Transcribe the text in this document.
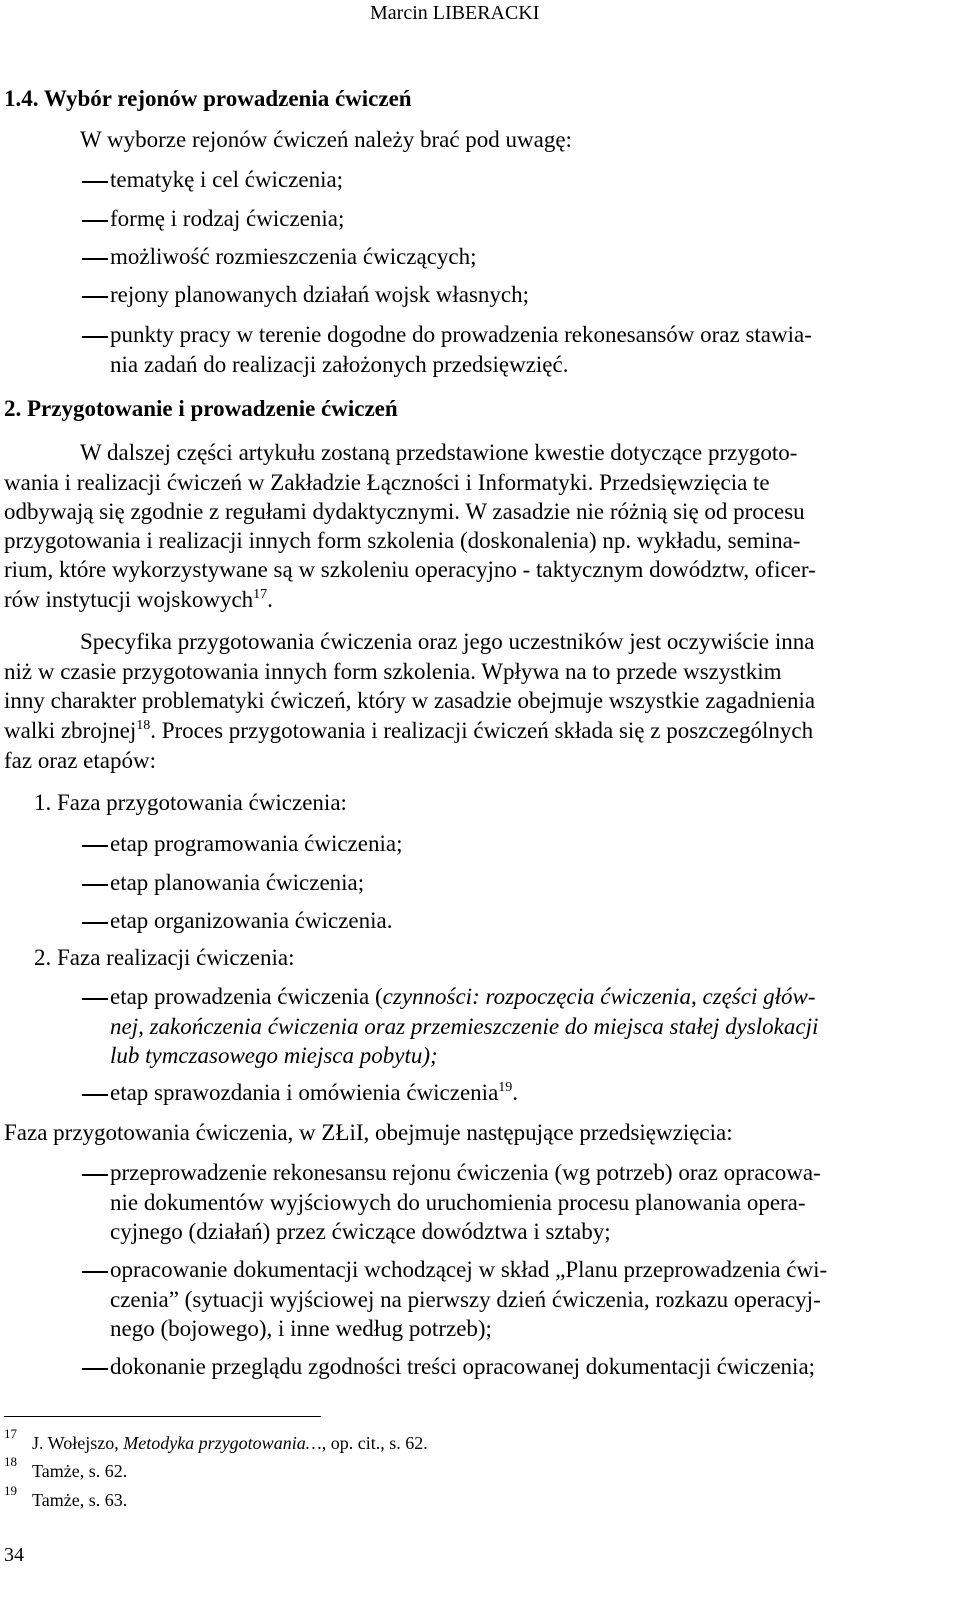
Marcin LIBERACKI
1.4. Wybór rejonów prowadzenia ćwiczeń
W wyborze rejonów ćwiczeń należy brać pod uwagę:
tematykę i cel ćwiczenia;
formę i rodzaj ćwiczenia;
możliwość rozmieszczenia ćwiczących;
rejony planowanych działań wojsk własnych;
punkty pracy w terenie dogodne do prowadzenia rekonesansów oraz stawia-
nia zadań do realizacji założonych przedsięwzięć.
2. Przygotowanie i prowadzenie ćwiczeń
W dalszej części artykułu zostaną przedstawione kwestie dotyczące przygoto-
wania i realizacji ćwiczeń w Zakładzie Łączności i Informatyki. Przedsięwzięcia te
odbywają się zgodnie z regułami dydaktycznymi. W zasadzie nie różnią się od procesu
przygotowania i realizacji innych form szkolenia (doskonalenia) np. wykładu, semina-
rium, które wykorzystywane są w szkoleniu operacyjno - taktycznym dowództw, oficer-
rów instytucji wojskowych$^{17}$.
Specyfika przygotowania ćwiczenia oraz jego uczestników jest oczywiście inna
niż w czasie przygotowania innych form szkolenia. Wpływa na to przede wszystkim
inny charakter problematyki ćwiczeń, który w zasadzie obejmuje wszystkie zagadnienia
walki zbrojnej$^{18}$. Proces przygotowania i realizacji ćwiczeń składa się z poszczególnych
faz oraz etapów:
1. Faza przygotowania ćwiczenia:
etap programowania ćwiczenia;
etap planowania ćwiczenia;
etap organizowania ćwiczenia.
2. Faza realizacji ćwiczenia:
etap prowadzenia ćwiczenia (czynności: rozpoczęcia ćwiczenia, części głów-
nej, zakończenia ćwiczenia oraz przemieszczenie do miejsca stałej dyslokacji
lub tymczasowego miejsca pobytu);
etap sprawozdania i omówienia ćwiczenia$^{19}$.
Faza przygotowania ćwiczenia, w ZŁiI, obejmuje następujące przedsięwzięcia:
przeprowadzenie rekonesansu rejonu ćwiczenia (wg potrzeb) oraz opracowa-
nie dokumentów wyjściowych do uruchomienia procesu planowania opera-
cyjnego (działań) przez ćwiczące dowództwa i sztaby;
opracowanie dokumentacji wchodzącej w skład „Planu przeprowadzenia ćwi-
czenia” (sytuacji wyjściowej na pierwszy dzień ćwiczenia, rozkazu operacyj-
nego (bojowego), i inne według potrzeb);
dokonanie przeglądu zgodności treści opracowanej dokumentacji ćwiczenia;
17 J. Wołejszo, Metodyka przygotowania…, op. cit., s. 62.
18 Tamże, s. 62.
19 Tamże, s. 63.
34
